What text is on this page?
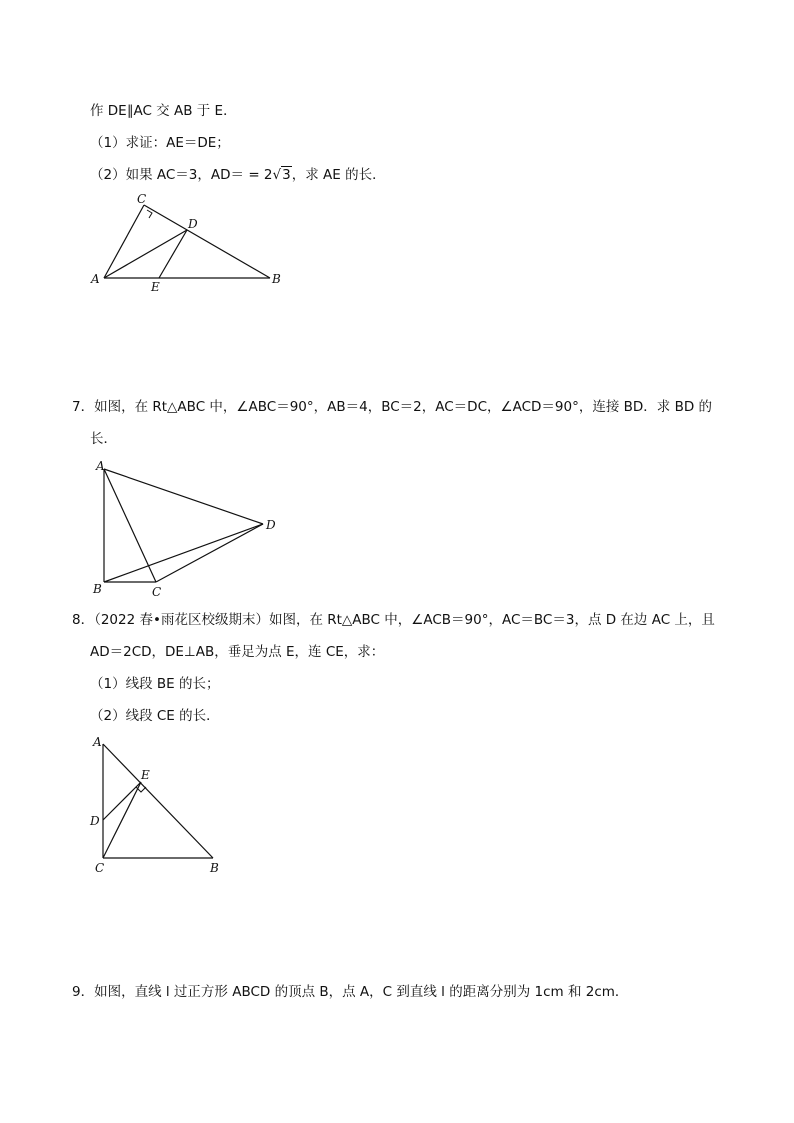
作 DE∥AC 交 AB 于 E．
（1）求证：AE＝DE；
（2）如果 AC＝3，AD＝ = 2√3，求 AE 的长．
A	B
C
D
E
7．如图，在 Rt△ABC 中，∠ABC＝90°，AB＝4，BC＝2，AC＝DC，∠ACD＝90°，连接 BD．求 BD 的
长．
A
B	C
D
8．（2022 春•雨花区校级期末）如图，在 Rt△ABC 中，∠ACB＝90°，AC＝BC＝3，点 D 在边 AC 上，且
AD＝2CD，DE⊥AB，垂足为点 E，连 CE，求：
（1）线段 BE 的长；
（2）线段 CE 的长．
A
B
C
D
E
9．如图，直线 l 过正方形 ABCD 的顶点 B，点 A，C 到直线 l 的距离分别为 1cm 和 2cm．
